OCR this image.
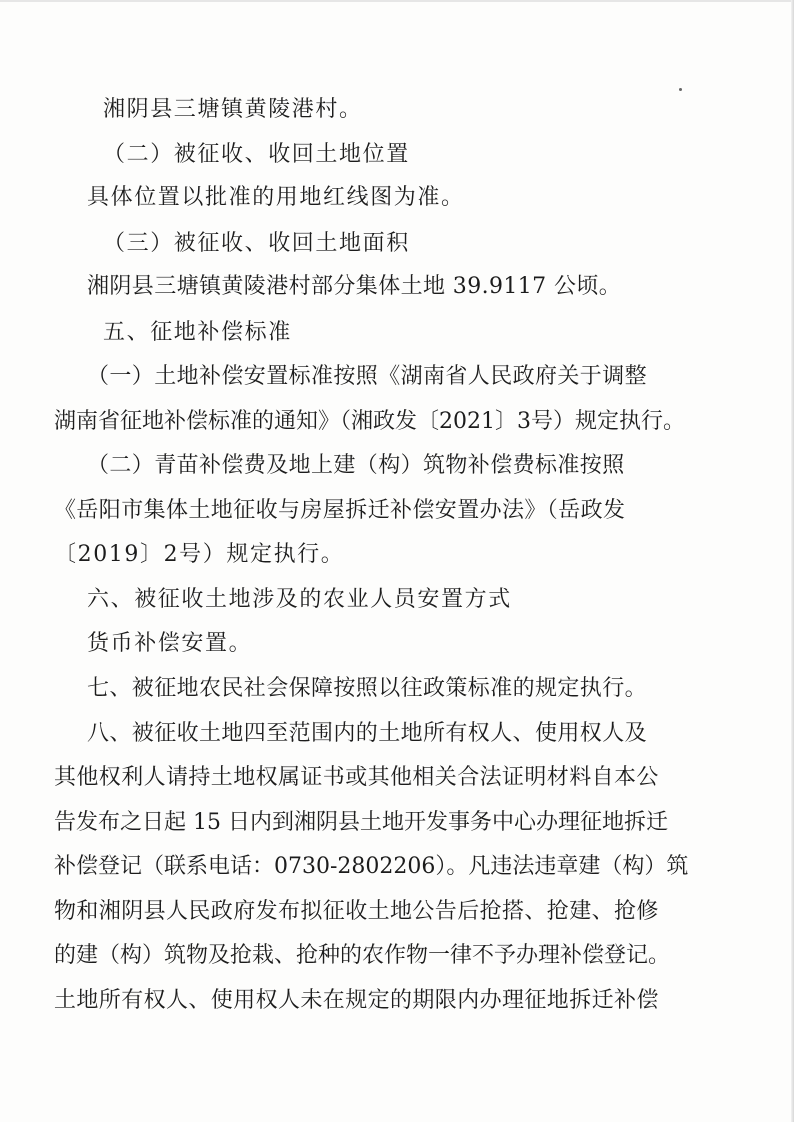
湘阴县三塘镇黄陵港村。
（二）被征收、收回土地位置
具体位置以批准的用地红线图为准。
（三）被征收、收回土地面积
湘阴县三塘镇黄陵港村部分集体土地 39.9117 公顷。
五、征地补偿标准
（一）土地补偿安置标准按照《湖南省人民政府关于调整
湖南省征地补偿标准的通知》（湘政发〔2021〕3号）规定执行。
（二）青苗补偿费及地上建（构）筑物补偿费标准按照
《岳阳市集体土地征收与房屋拆迁补偿安置办法》（岳政发
〔2019〕2号）规定执行。
六、被征收土地涉及的农业人员安置方式
货币补偿安置。
七、被征地农民社会保障按照以往政策标准的规定执行。
八、被征收土地四至范围内的土地所有权人、使用权人及
其他权利人请持土地权属证书或其他相关合法证明材料自本公
告发布之日起 15 日内到湘阴县土地开发事务中心办理征地拆迁
补偿登记（联系电话：0730-2802206）。凡违法违章建（构）筑
物和湘阴县人民政府发布拟征收土地公告后抢搭、抢建、抢修
的建（构）筑物及抢栽、抢种的农作物一律不予办理补偿登记。
土地所有权人、使用权人未在规定的期限内办理征地拆迁补偿
